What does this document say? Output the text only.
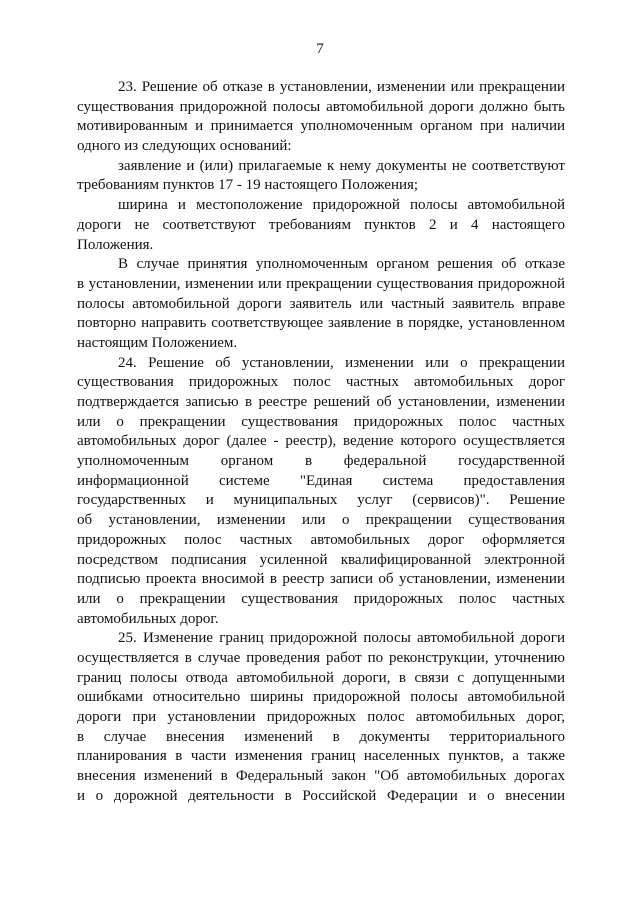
7
23. Решение об отказе в установлении, изменении или прекращении
существования придорожной полосы автомобильной дороги должно быть
мотивированным и принимается уполномоченным органом при наличии
одного из следующих оснований:
заявление и (или) прилагаемые к нему документы не соответствуют
требованиям пунктов 17 - 19 настоящего Положения;
ширина и местоположение придорожной полосы автомобильной
дороги не соответствуют требованиям пунктов 2 и 4 настоящего
Положения.
В случае принятия уполномоченным органом решения об отказе
в установлении, изменении или прекращении существования придорожной
полосы автомобильной дороги заявитель или частный заявитель вправе
повторно направить соответствующее заявление в порядке, установленном
настоящим Положением.
24. Решение об установлении, изменении или о прекращении
существования придорожных полос частных автомобильных дорог
подтверждается записью в реестре решений об установлении, изменении
или о прекращении существования придорожных полос частных
автомобильных дорог (далее - реестр), ведение которого осуществляется
уполномоченным органом в федеральной государственной
информационной системе "Единая система предоставления
государственных и муниципальных услуг (сервисов)". Решение
об установлении, изменении или о прекращении существования
придорожных полос частных автомобильных дорог оформляется
посредством подписания усиленной квалифицированной электронной
подписью проекта вносимой в реестр записи об установлении, изменении
или о прекращении существования придорожных полос частных
автомобильных дорог.
25. Изменение границ придорожной полосы автомобильной дороги
осуществляется в случае проведения работ по реконструкции, уточнению
границ полосы отвода автомобильной дороги, в связи с допущенными
ошибками относительно ширины придорожной полосы автомобильной
дороги при установлении придорожных полос автомобильных дорог,
в случае внесения изменений в документы территориального
планирования в части изменения границ населенных пунктов, а также
внесения изменений в Федеральный закон "Об автомобильных дорогах
и о дорожной деятельности в Российской Федерации и о внесении
